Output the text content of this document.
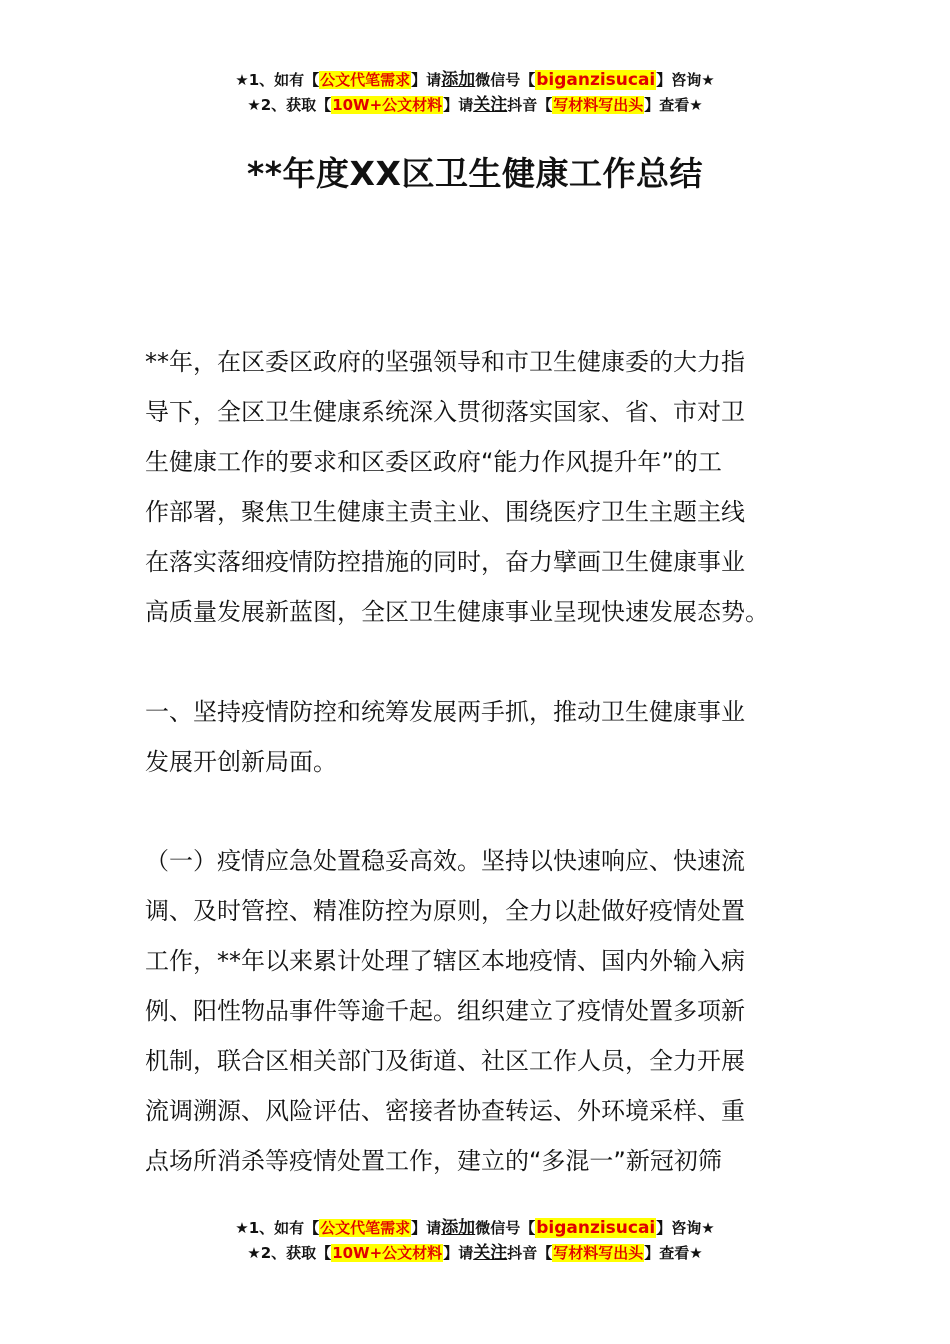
★1、如有【公文代笔需求】请添加微信号【biganzisucai】咨询★
★2、获取【10W+公文材料】请关注抖音【写材料写出头】查看★
**年度XX区卫生健康工作总结
**年，在区委区政府的坚强领导和市卫生健康委的大力指
导下，全区卫生健康系统深入贯彻落实国家、省、市对卫
生健康工作的要求和区委区政府“能力作风提升年”的工
作部署，聚焦卫生健康主责主业、围绕医疗卫生主题主线
在落实落细疫情防控措施的同时，奋力擘画卫生健康事业
高质量发展新蓝图，全区卫生健康事业呈现快速发展态势。
一、坚持疫情防控和统筹发展两手抓，推动卫生健康事业
发展开创新局面。
（一）疫情应急处置稳妥高效。坚持以快速响应、快速流
调、及时管控、精准防控为原则，全力以赴做好疫情处置
工作，**年以来累计处理了辖区本地疫情、国内外输入病
例、阳性物品事件等逾千起。组织建立了疫情处置多项新
机制，联合区相关部门及街道、社区工作人员，全力开展
流调溯源、风险评估、密接者协查转运、外环境采样、重
点场所消杀等疫情处置工作，建立的“多混一”新冠初筛
★1、如有【公文代笔需求】请添加微信号【biganzisucai】咨询★
★2、获取【10W+公文材料】请关注抖音【写材料写出头】查看★
